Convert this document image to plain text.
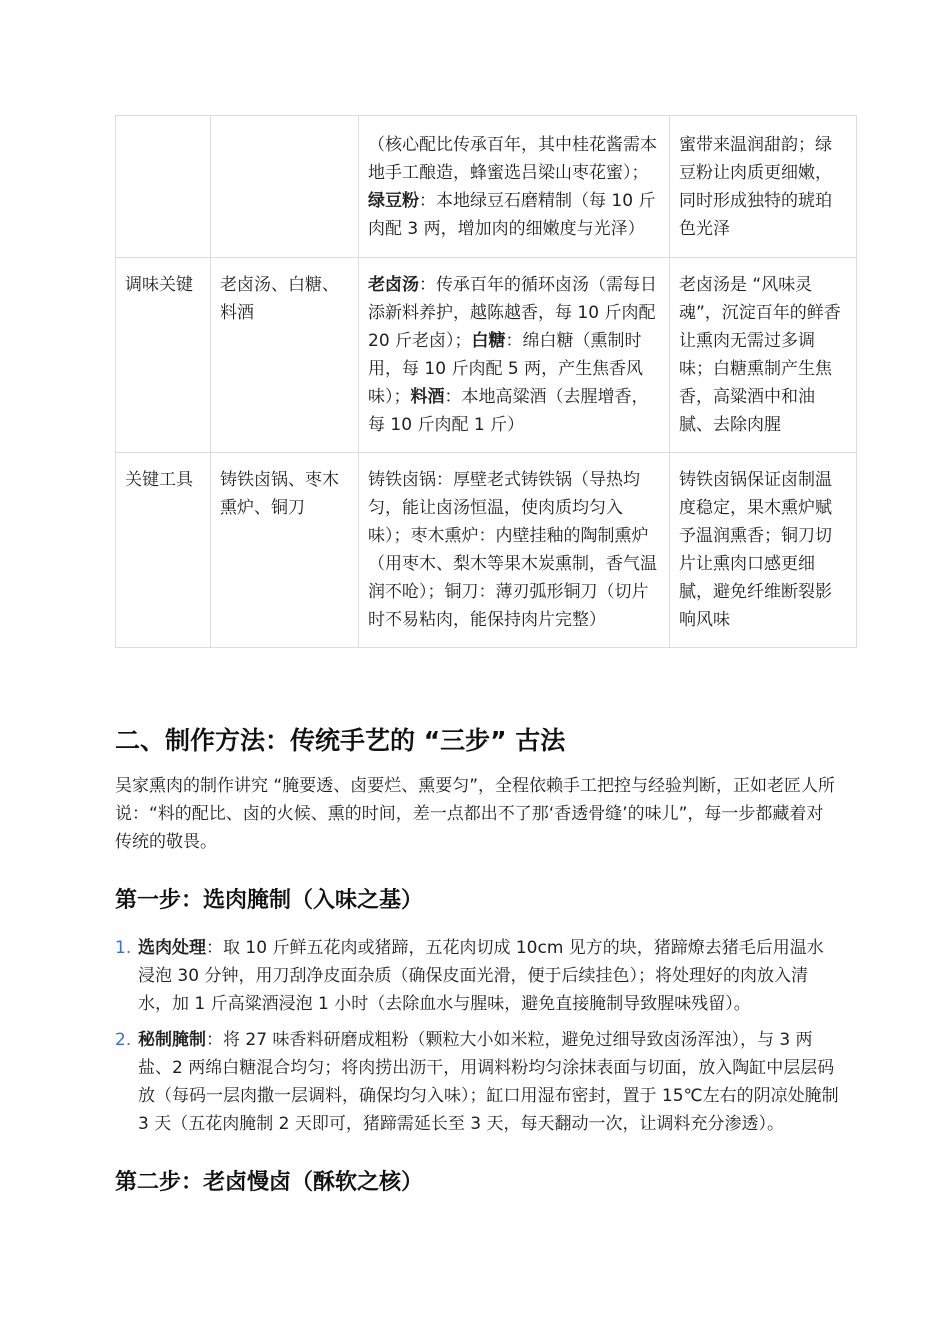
		（核心配比传承百年，其中桂花酱需本地手工酿造，蜂蜜选吕梁山枣花蜜）；绿豆粉：本地绿豆石磨精制（每 10 斤肉配 3 两，增加肉的细嫩度与光泽）	蜜带来温润甜韵；绿豆粉让肉质更细嫩，同时形成独特的琥珀色光泽
调味关键	老卤汤、白糖、料酒	老卤汤：传承百年的循环卤汤（需每日添新料养护，越陈越香，每 10 斤肉配 20 斤老卤）；白糖：绵白糖（熏制时用，每 10 斤肉配 5 两，产生焦香风味）；料酒：本地高粱酒（去腥增香，每 10 斤肉配 1 斤）	老卤汤是 “风味灵魂”，沉淀百年的鲜香让熏肉无需过多调味；白糖熏制产生焦香，高粱酒中和油腻、去除肉腥
关键工具	铸铁卤锅、枣木熏炉、铜刀	铸铁卤锅：厚壁老式铸铁锅（导热均匀，能让卤汤恒温，使肉质均匀入味）；枣木熏炉：内壁挂釉的陶制熏炉（用枣木、梨木等果木炭熏制，香气温润不呛）；铜刀：薄刃弧形铜刀（切片时不易粘肉，能保持肉片完整）	铸铁卤锅保证卤制温度稳定，果木熏炉赋予温润熏香；铜刀切片让熏肉口感更细腻，避免纤维断裂影响风味
二、制作方法：传统手艺的 “三步” 古法

吴家熏肉的制作讲究 “腌要透、卤要烂、熏要匀”，全程依赖手工把控与经验判断，正如老匠人所说：“料的配比、卤的火候、熏的时间，差一点都出不了那‘香透骨缝’的味儿”，每一步都藏着对传统的敬畏。

第一步：选肉腌制（入味之基）
1. 选肉处理：取 10 斤鲜五花肉或猪蹄，五花肉切成 10cm 见方的块，猪蹄燎去猪毛后用温水浸泡 30 分钟，用刀刮净皮面杂质（确保皮面光滑，便于后续挂色）；将处理好的肉放入清水，加 1 斤高粱酒浸泡 1 小时（去除血水与腥味，避免直接腌制导致腥味残留）。
2. 秘制腌制：将 27 味香料研磨成粗粉（颗粒大小如米粒，避免过细导致卤汤浑浊），与 3 两盐、2 两绵白糖混合均匀；将肉捞出沥干，用调料粉均匀涂抹表面与切面，放入陶缸中层层码放（每码一层肉撒一层调料，确保均匀入味）；缸口用湿布密封，置于 15℃左右的阴凉处腌制 3 天（五花肉腌制 2 天即可，猪蹄需延长至 3 天，每天翻动一次，让调料充分渗透）。
第二步：老卤慢卤（酥软之核）
